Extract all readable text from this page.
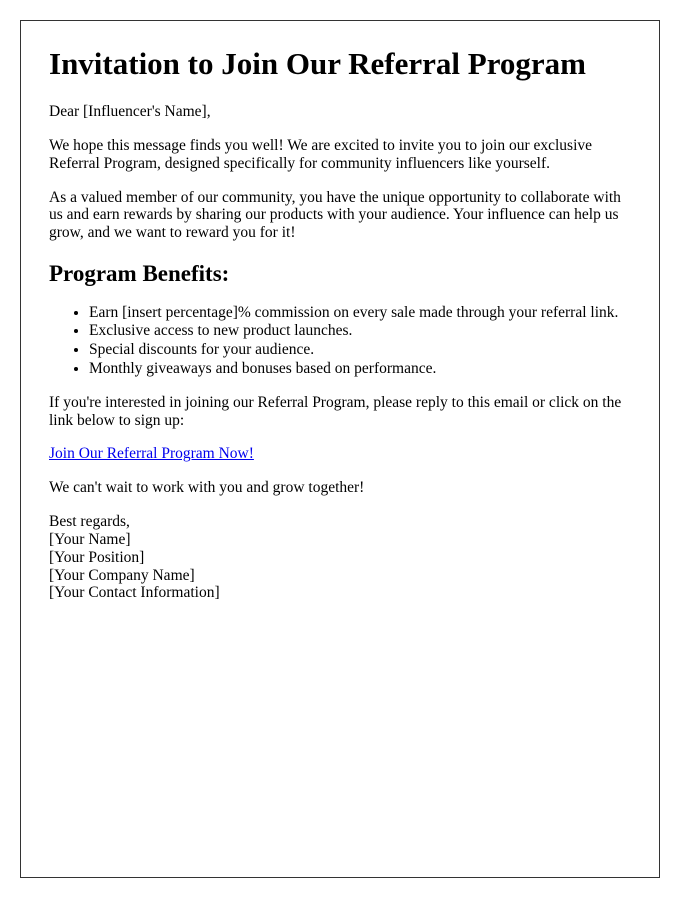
Invitation to Join Our Referral Program

Dear [Influencer's Name],

We hope this message finds you well! We are excited to invite you to join our exclusive Referral Program, designed specifically for community influencers like yourself.

As a valued member of our community, you have the unique opportunity to collaborate with us and earn rewards by sharing our products with your audience. Your influence can help us grow, and we want to reward you for it!

Program Benefits:
• Earn [insert percentage]% commission on every sale made through your referral link.
• Exclusive access to new product launches.
• Special discounts for your audience.
• Monthly giveaways and bonuses based on performance.

If you're interested in joining our Referral Program, please reply to this email or click on the link below to sign up:

Join Our Referral Program Now!

We can't wait to work with you and grow together!

Best regards,
[Your Name]
[Your Position]
[Your Company Name]
[Your Contact Information]
